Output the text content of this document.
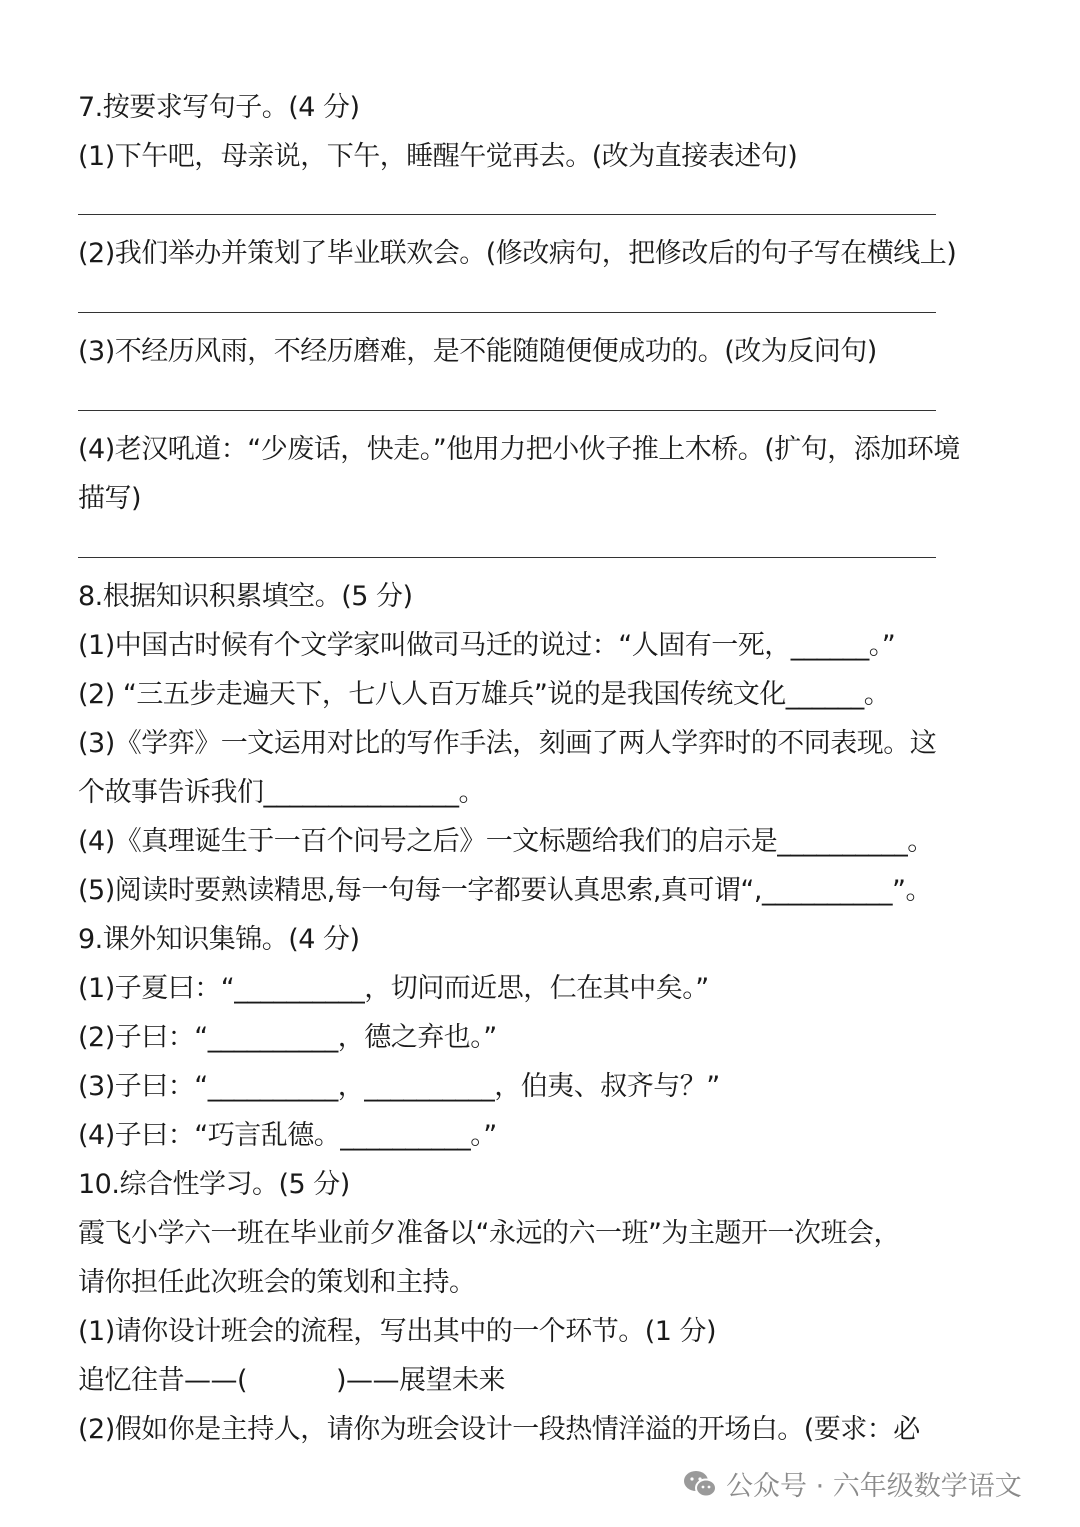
7.按要求写句子。(4 分)
(1)下午吧，母亲说，下午，睡醒午觉再去。(改为直接表述句)
(2)我们举办并策划了毕业联欢会。(修改病句，把修改后的句子写在横线上)
(3)不经历风雨，不经历磨难，是不能随随便便成功的。(改为反问句)
(4)老汉吼道：“少废话，快走。”他用力把小伙子推上木桥。(扩句，添加环境
描写)
8.根据知识积累填空。(5 分)
(1)中国古时候有个文学家叫做司马迁的说过：“人固有一死，______。”
(2) “三五步走遍天下，七八人百万雄兵”说的是我国传统文化______。
(3)《学弈》一文运用对比的写作手法，刻画了两人学弈时的不同表现。这
个故事告诉我们_______________。
(4)《真理诞生于一百个问号之后》一文标题给我们的启示是__________。
(5)阅读时要熟读精思,每一句每一字都要认真思索,真可谓“,__________”。
9.课外知识集锦。(4 分)
(1)子夏曰：“__________，切问而近思，仁在其中矣。”
(2)子曰：“__________，德之弃也。”
(3)子曰：“__________，__________，伯夷、叔齐与？”
(4)子曰：“巧言乱德。__________。”
10.综合性学习。(5 分)
霞飞小学六一班在毕业前夕准备以“永远的六一班”为主题开一次班会，
请你担任此次班会的策划和主持。
(1)请你设计班会的流程，写出其中的一个环节。(1 分)
追忆往昔——(           )——展望未来
(2)假如你是主持人，请你为班会设计一段热情洋溢的开场白。(要求：必
公众号 · 六年级数学语文
